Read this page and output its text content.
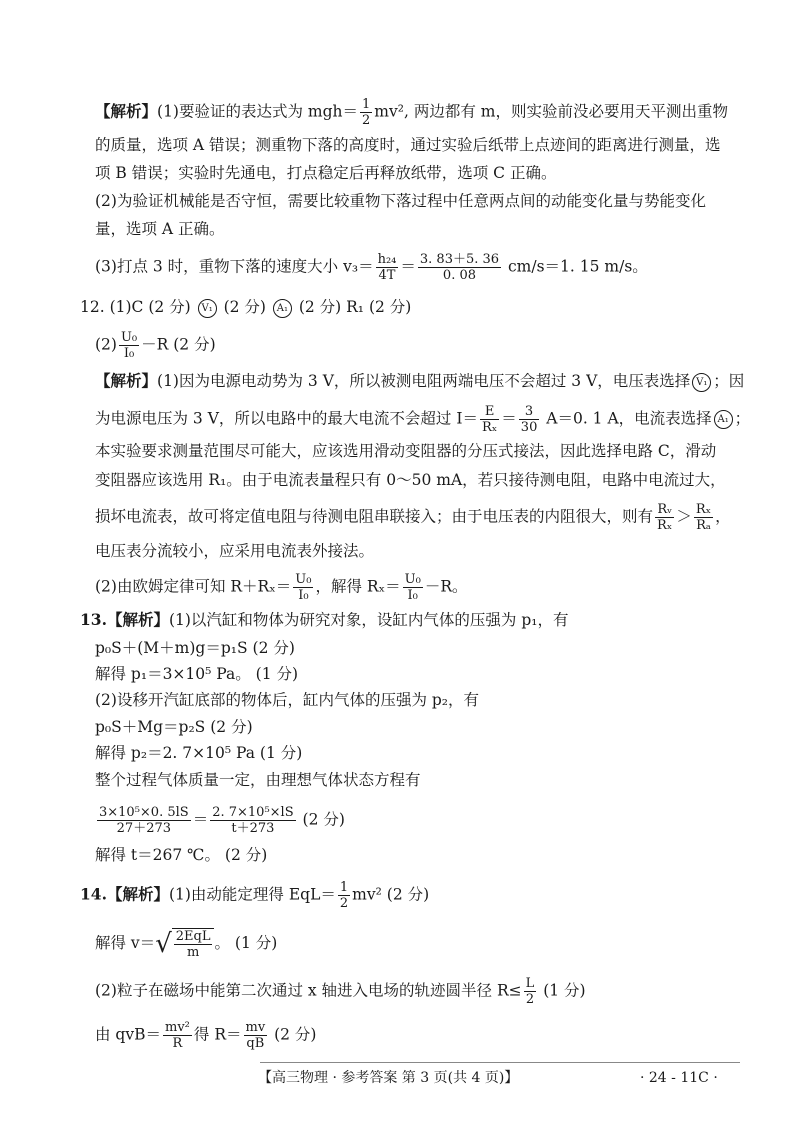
【解析】(1)要验证的表达式为 $mgh= \frac{1}{2} mv^2$, 两边都有 m，则实验前没必要用天平测出重物
的质量，选项 A 错误；测重物下落的高度时，通过实验后纸带上点迹间的距离进行测量，选
项 B 错误；实验时先通电，打点稳定后再释放纸带，选项 C 正确。
(2)为验证机械能是否守恒，需要比较重物下落过程中任意两点间的动能变化量与势能变化
量，选项 A 正确。
(3)打点 3 时，重物下落的速度大小 $v_3= \frac{\text{h₂₄}}{4T} = \frac{3. 83+5. 36}{0. 08} cm/s=1$. 15 m/s。
12. (1)C (2 分) V₁ (2 分) A₁ (2 分) R₁ (2 分)
$(2) \frac{\text{U₀}}{\text{I₀}} -R$ (2 分)
【解析】(1)因为电源电动势为 3 V，所以被测电阻两端电压不会超过 3 V，电压表选择 V₁ ；因
为电源电压为 3 V，所以电路中的最大电流不会超过 $I= \frac{E}{\text{Rₓ}} = \frac{3}{30} A=0$. 1 A，电流表选择 A₁ ；
本实验要求测量范围尽可能大，应该选用滑动变阻器的分压式接法，因此选择电路 C，滑动
变阻器应该选用 R₁。由于电流表量程只有 0～50 mA，若只接待测电阻，电路中电流过大，
损坏电流表，故可将定值电阻与待测电阻串联接入；由于电压表的内阻很大，则有 $\frac{\text{Rᵥ}}{\text{Rₓ}} > \frac{\text{Rₓ}}{\text{Rₐ}}$ ，
电压表分流较小，应采用电流表外接法。
(2)由欧姆定律可知 $R+R_x= \frac{\text{U₀}}{\text{I₀}}$ ，解得 $R_x= \frac{\text{U₀}}{\text{I₀}} -R$。
13.【解析】(1)以汽缸和物体为研究对象，设缸内气体的压强为 p₁，有
p₀S＋(M＋m)g＝p₁S (2 分)
解得 p₁＝3×10⁵ Pa。 (1 分)
(2)设移开汽缸底部的物体后，缸内气体的压强为 p₂，有
p₀S＋Mg＝p₂S (2 分)
解得 p₂＝2. 7×10⁵ Pa (1 分)
整个过程气体质量一定，由理想气体状态方程有
$\frac{\text{3×10⁵×0. 5lS}}{27+273} = \frac{\text{2. 7×10⁵×lS}}{t+273} (2$ 分)
解得 t＝267 ℃。 (2 分)
14.【解析】(1)由动能定理得 $EqL= \frac{1}{2} mv^2$ (2 分)
解得 $v=√ \frac{\text{2EqL}}{m}$ 。 (1 分)
(2)粒子在磁场中能第二次通过 x 轴进入电场的轨迹圆半径 $R\le \frac{L}{2} (1$ 分)
由 $qvB= \frac{\text{mv²}}{R}$ 得 $R= \frac{mv}{qB} (2$ 分)
【高三物理 · 参考答案 第 3 页(共 4 页)】	· 24 - 11C ·
